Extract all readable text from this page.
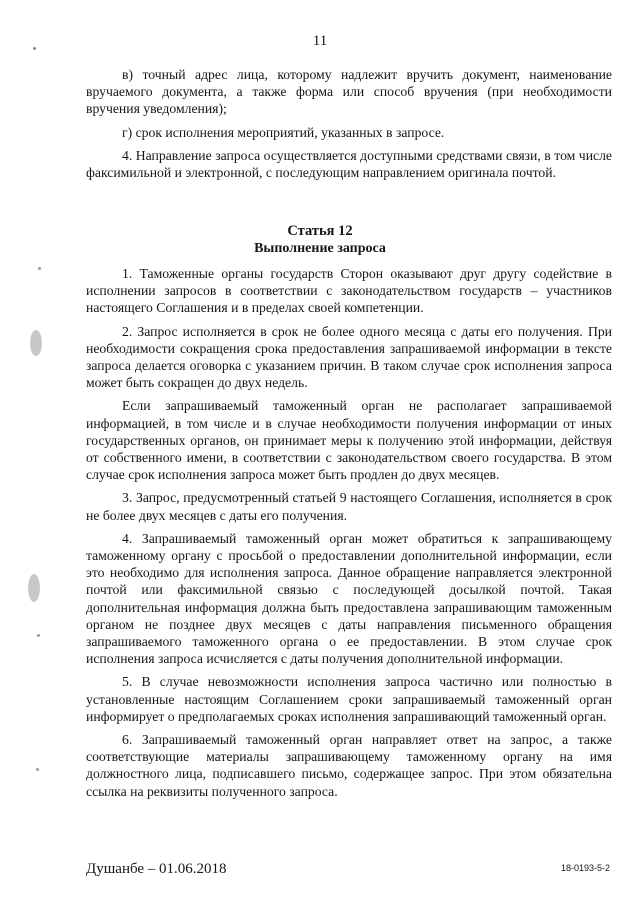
11

в) точный адрес лица, которому надлежит вручить документ, наименование вручаемого документа, а также форма или способ вручения (при необходимости вручения уведомления);

г) срок исполнения мероприятий, указанных в запросе.

4. Направление запроса осуществляется доступными средствами связи, в том числе факсимильной и электронной, с последующим направлением оригинала почтой.

Статья 12
Выполнение запроса

1. Таможенные органы государств Сторон оказывают друг другу содействие в исполнении запросов в соответствии с законодательством государств – участников настоящего Соглашения и в пределах своей компетенции.

2. Запрос исполняется в срок не более одного месяца с даты его получения. При необходимости сокращения срока предоставления запрашиваемой информации в тексте запроса делается оговорка с указанием причин. В таком случае срок исполнения запроса может быть сокращен до двух недель.

Если запрашиваемый таможенный орган не располагает запрашиваемой информацией, в том числе и в случае необходимости получения информации от иных государственных органов, он принимает меры к получению этой информации, действуя от собственного имени, в соответствии с законодательством своего государства. В этом случае срок исполнения запроса может быть продлен до двух месяцев.

3. Запрос, предусмотренный статьей 9 настоящего Соглашения, исполняется в срок не более двух месяцев с даты его получения.

4. Запрашиваемый таможенный орган может обратиться к запрашивающему таможенному органу с просьбой о предоставлении дополнительной информации, если это необходимо для исполнения запроса. Данное обращение направляется электронной почтой или факсимильной связью с последующей досылкой почтой. Такая дополнительная информация должна быть предоставлена запрашивающим таможенным органом не позднее двух месяцев с даты направления письменного обращения запрашиваемого таможенного органа о ее предоставлении. В этом случае срок исполнения запроса исчисляется с даты получения дополнительной информации.

5. В случае невозможности исполнения запроса частично или полностью в установленные настоящим Соглашением сроки запрашиваемый таможенный орган информирует о предполагаемых сроках исполнения запрашивающий таможенный орган.

6. Запрашиваемый таможенный орган направляет ответ на запрос, а также соответствующие материалы запрашивающему таможенному органу на имя должностного лица, подписавшего письмо, содержащее запрос. При этом обязательна ссылка на реквизиты полученного запроса.

Душанбе – 01.06.2018	18-0193-5-2
